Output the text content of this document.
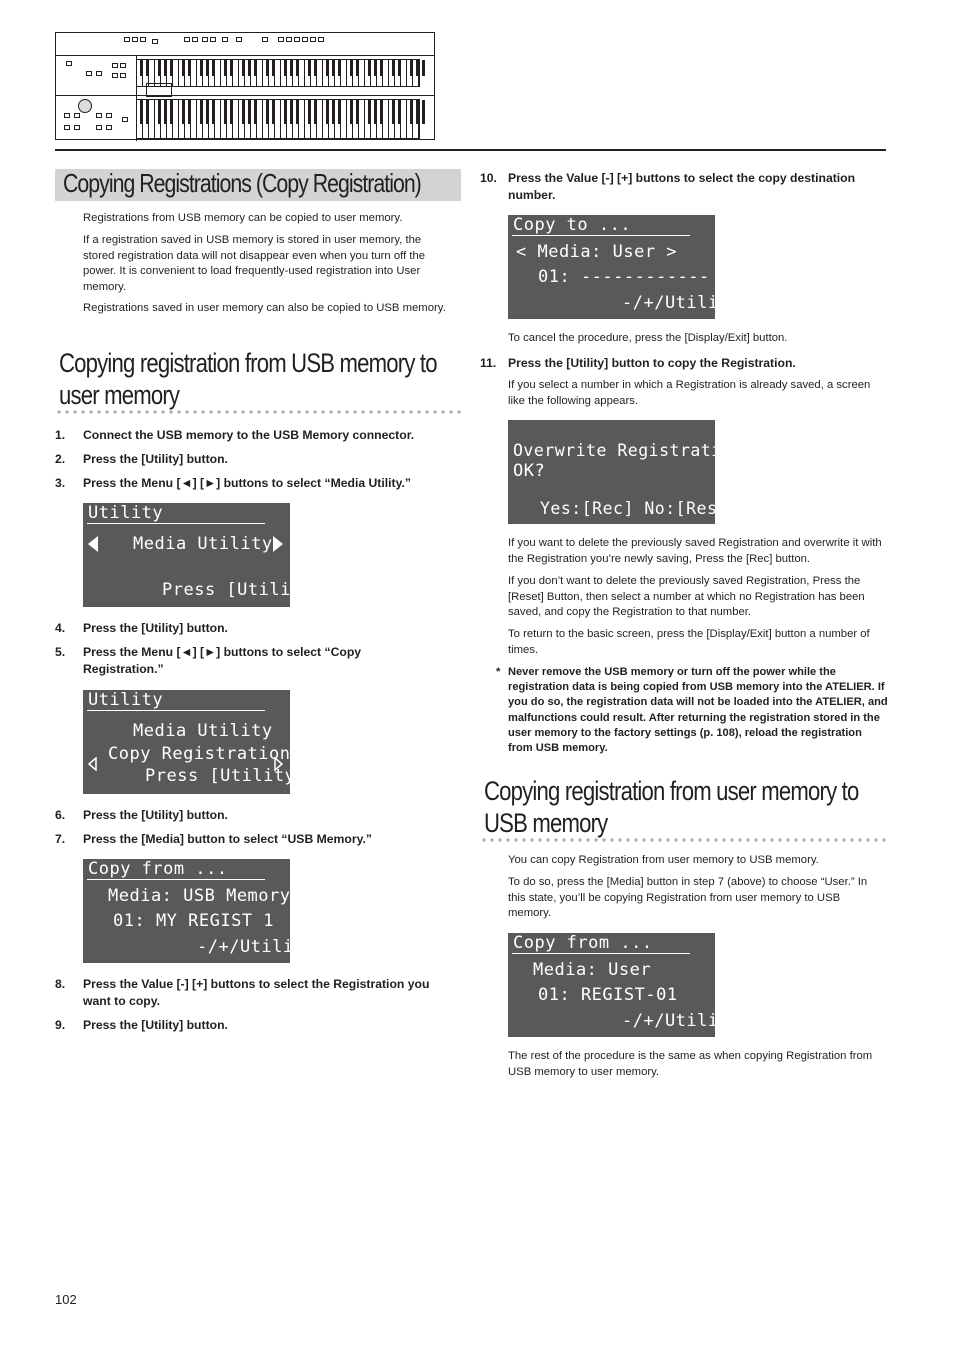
Copying Registrations (Copy Registration)
Registrations from USB memory can be copied to user memory.
If a registration saved in USB memory is stored in user memory, the stored registration data will not disappear even when you turn off the power. It is convenient to load frequently-used registration into User memory.
Registrations saved in user memory can also be copied to USB memory.
Copying registration from USB memory to
user memory
1. Connect the USB memory to the USB Memory connector.
2. Press the [Utility] button.
3. Press the Menu [◄] [►] buttons to select “Media Utility.”
Utility
Media Utility
Press [Utility]
4. Press the [Utility] button.
5. Press the Menu [◄] [►] buttons to select “Copy Registration.”
Utility
Media Utility
Copy Registration
Press [Utility]
6. Press the [Utility] button.
7. Press the [Media] button to select “USB Memory.”
Copy from ...
Media: USB Memory
01: MY REGIST 1
-/+/Utility
8. Press the Value [-] [+] buttons to select the Registration you want to copy.
9. Press the [Utility] button.
10. Press the Value [-] [+] buttons to select the copy destination number.
Copy to ...
< Media: User >
01: ------------
-/+/Utility
To cancel the procedure, press the [Display/Exit] button.
11. Press the [Utility] button to copy the Registration.
If you select a number in which a Registration is already saved, a screen like the following appears.
Overwrite Registration
OK?
Yes:[Rec] No:[Reset]
If you want to delete the previously saved Registration and overwrite it with the Registration you’re newly saving, Press the [Rec] button.
If you don’t want to delete the previously saved Registration, Press the [Reset] Button, then select a number at which no Registration has been saved, and copy the Registration to that number.
To return to the basic screen, press the [Display/Exit] button a number of times.
* Never remove the USB memory or turn off the power while the registration data is being copied from USB memory into the ATELIER. If you do so, the registration data will not be loaded into the ATELIER, and malfunctions could result. After returning the registration stored in the user memory to the factory settings (p. 108), reload the registration from USB memory.
Copying registration from user memory to
USB memory
You can copy Registration from user memory to USB memory.
To do so, press the [Media] button in step 7 (above) to choose “User.” In this state, you’ll be copying Registration from user memory to USB memory.
Copy from ...
Media: User
01: REGIST-01
-/+/Utility
The rest of the procedure is the same as when copying Registration from USB memory to user memory.
102
